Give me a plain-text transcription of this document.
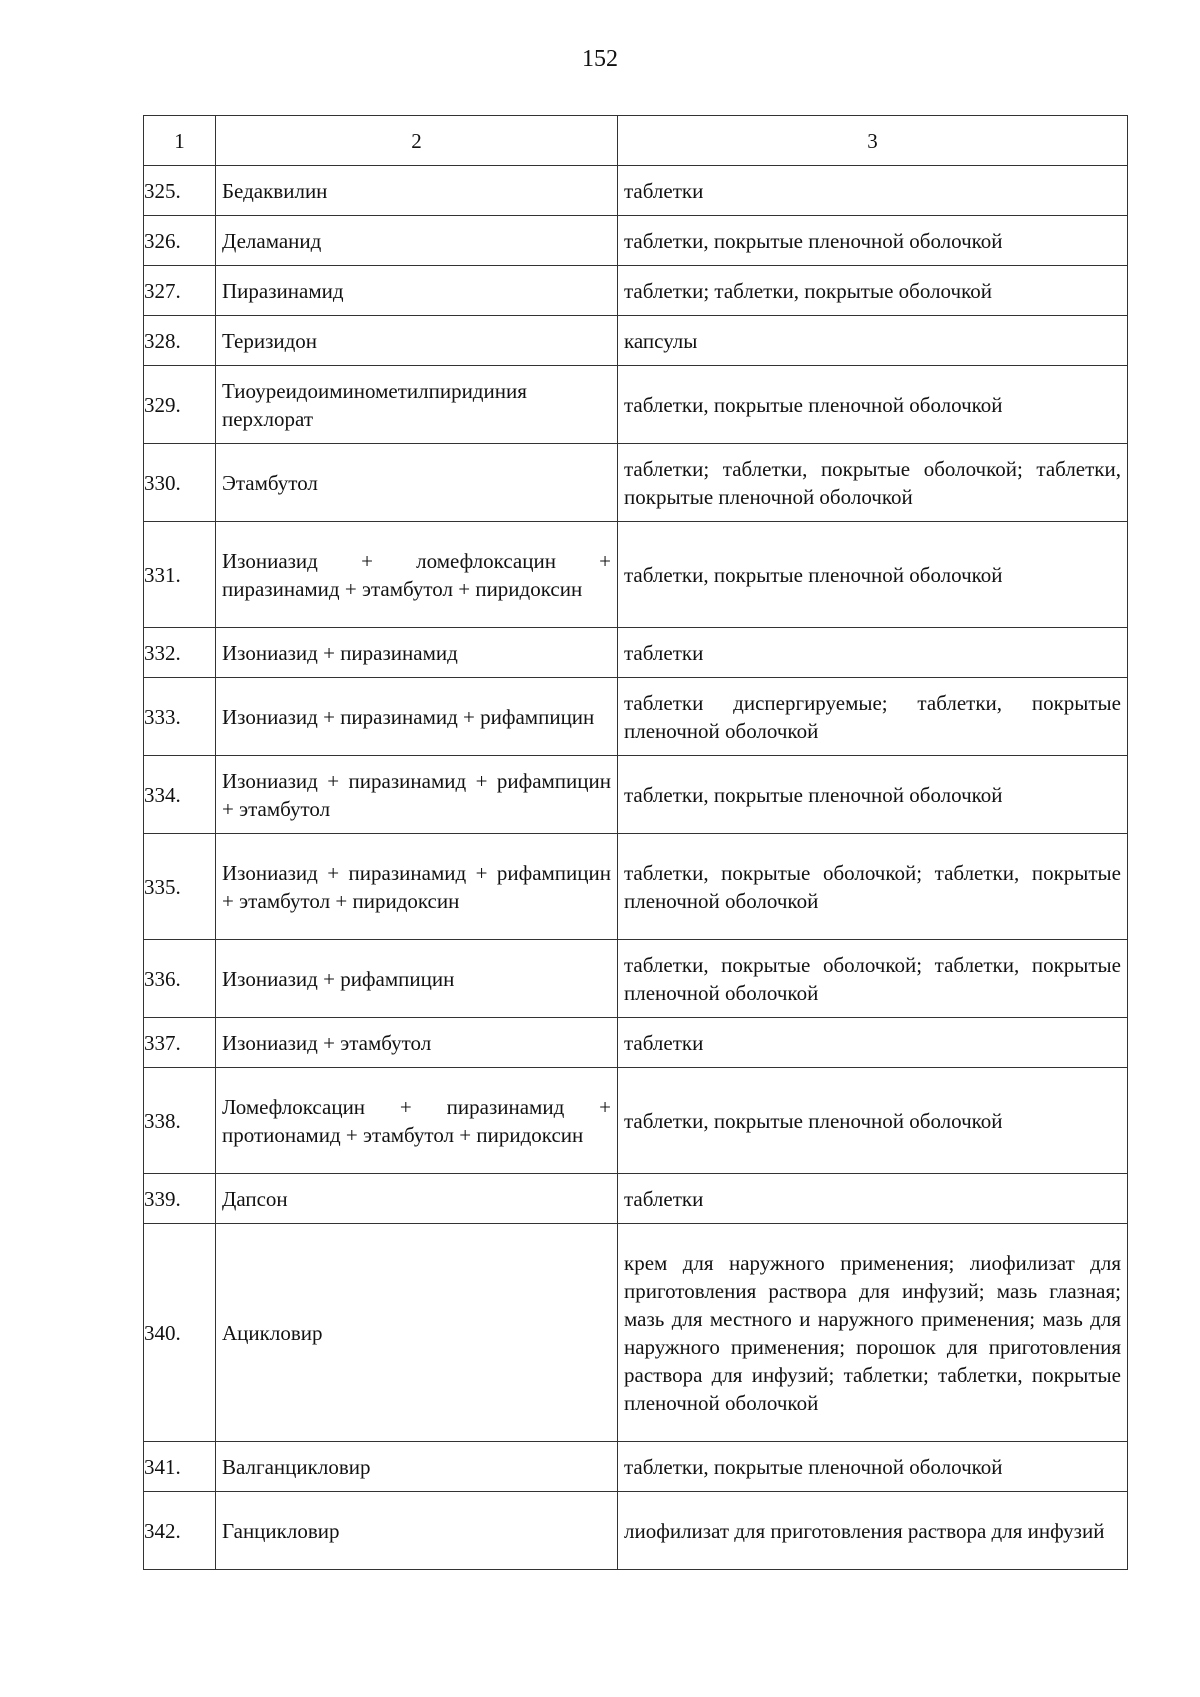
152
1	2	3
325.	Бедаквилин	таблетки
326.	Деламанид	таблетки, покрытые пленочной оболочкой
327.	Пиразинамид	таблетки; таблетки, покрытые оболочкой
328.	Теризидон	капсулы
329.	Тиоуреидоиминометилпиридиния перхлорат	таблетки, покрытые пленочной оболочкой
330.	Этамбутол	таблетки; таблетки, покрытые оболочкой; таблетки, покрытые пленочной оболочкой
331.	Изониазид + ломефлоксацин + пиразинамид + этамбутол + пиридоксин	таблетки, покрытые пленочной оболочкой
332.	Изониазид + пиразинамид	таблетки
333.	Изониазид + пиразинамид + рифампицин	таблетки диспергируемые; таблетки, покрытые пленочной оболочкой
334.	Изониазид + пиразинамид + рифампицин + этамбутол	таблетки, покрытые пленочной оболочкой
335.	Изониазид + пиразинамид + рифампицин + этамбутол + пиридоксин	таблетки, покрытые оболочкой; таблетки, покрытые пленочной оболочкой
336.	Изониазид + рифампицин	таблетки, покрытые оболочкой; таблетки, покрытые пленочной оболочкой
337.	Изониазид + этамбутол	таблетки
338.	Ломефлоксацин + пиразинамид + протионамид + этамбутол + пиридоксин	таблетки, покрытые пленочной оболочкой
339.	Дапсон	таблетки
340.	Ацикловир	крем для наружного применения; лиофилизат для приготовления раствора для инфузий; мазь глазная; мазь для местного и наружного применения; мазь для наружного применения; порошок для приготовления раствора для инфузий; таблетки; таблетки, покрытые пленочной оболочкой
341.	Валганцикловир	таблетки, покрытые пленочной оболочкой
342.	Ганцикловир	лиофилизат для приготовления раствора для инфузий
